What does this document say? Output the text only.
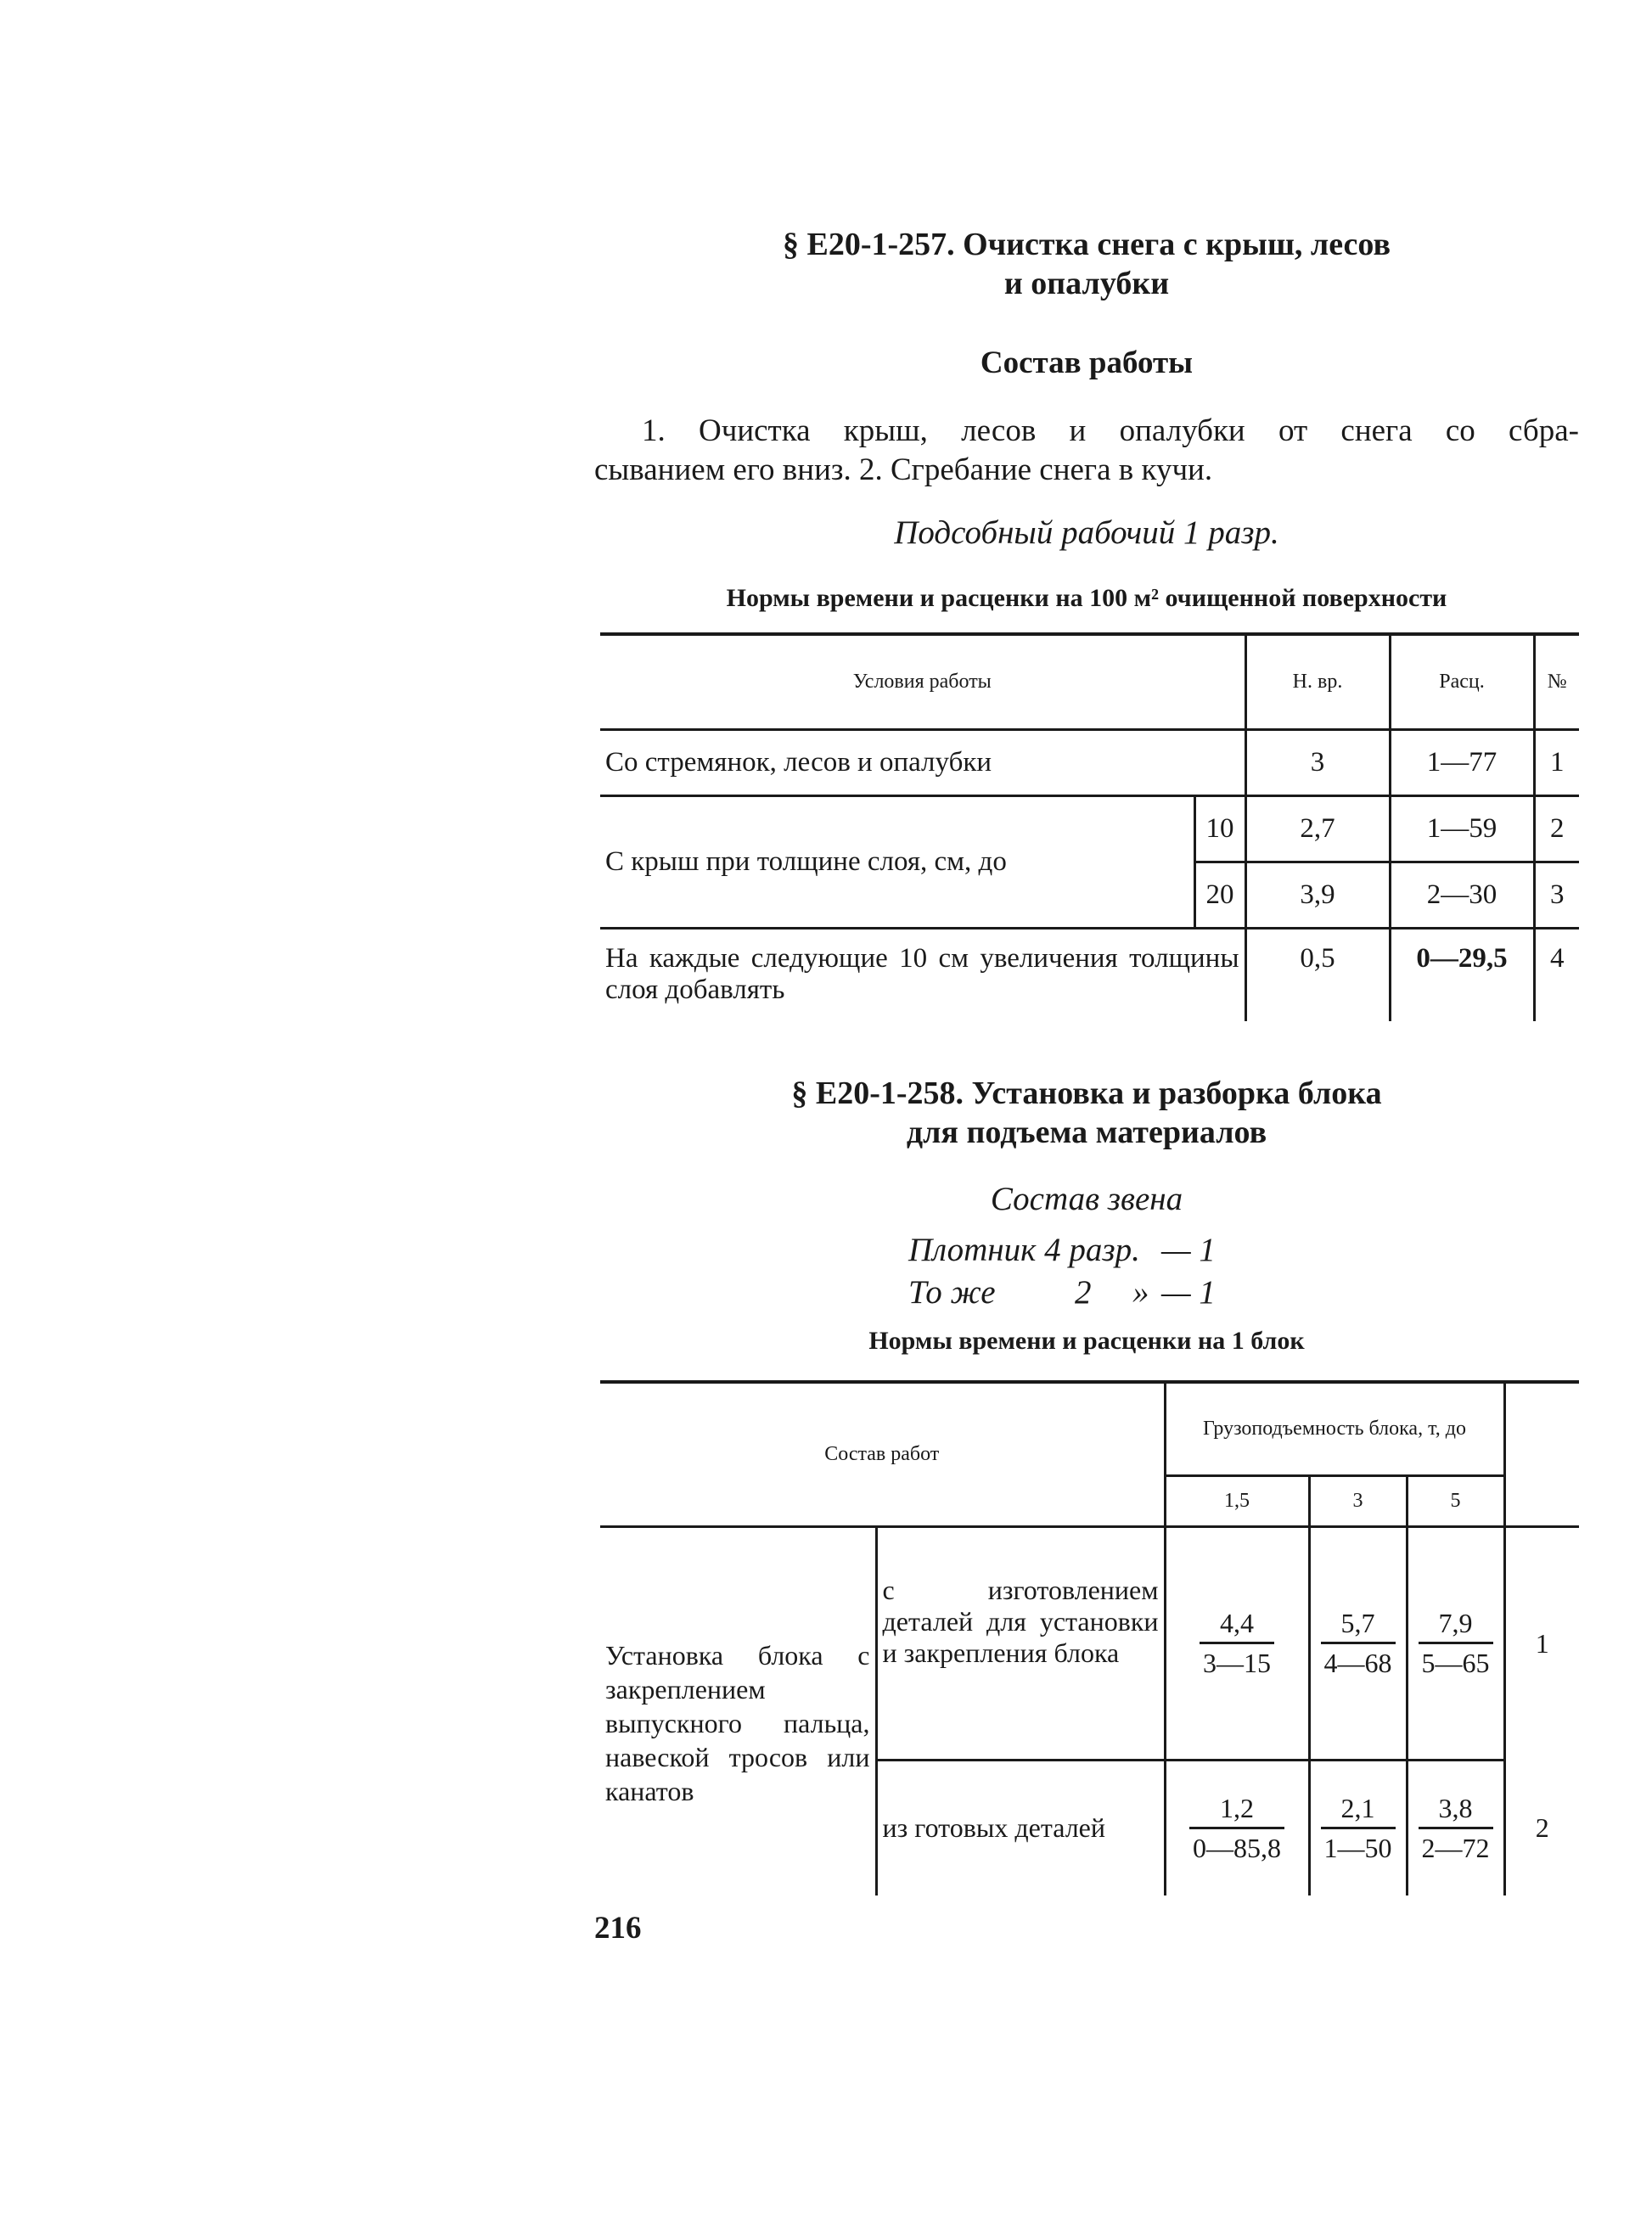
§ Е20-1-257. Очистка снега с крыш, лесов
и опалубки
Состав работы
1. Очистка крыш, лесов и опалубки от снега со сбра-
сыванием его вниз. 2. Сгребание снега в кучи.
Подсобный рабочий 1 разр.
Нормы времени и расценки на 100 м² очищенной поверхности
Условия работы		Н. вр.	Расц.	№
Со стремянок, лесов и опалубки		3	1—77	1
С крыш при толщине слоя, см, до	10	2,7	1—59	2
	20	3,9	2—30	3
На каждые следующие 10 см увеличения толщины слоя добавлять		0,5	0—29,5	4
§ Е20-1-258. Установка и разборка блока
для подъема материалов
Состав звена
Плотник 4 разр. — 1
То же 2 » — 1
Нормы времени и расценки на 1 блок
Состав работ		Грузоподъемность блока, т, до			
		1,5	3	5	
Установка блока с закреплением выпускного пальца, навеской тросов или канатов	с изготовлением деталей для установки и закрепления блока	$\frac{4,4}{3—15}$	$\frac{5,7}{4—68}$	$\frac{7,9}{5—65}$	1
	из готовых деталей	$\frac{1,2}{0—85,8}$	$\frac{2,1}{1—50}$	$\frac{3,8}{2—72}$	2
216
